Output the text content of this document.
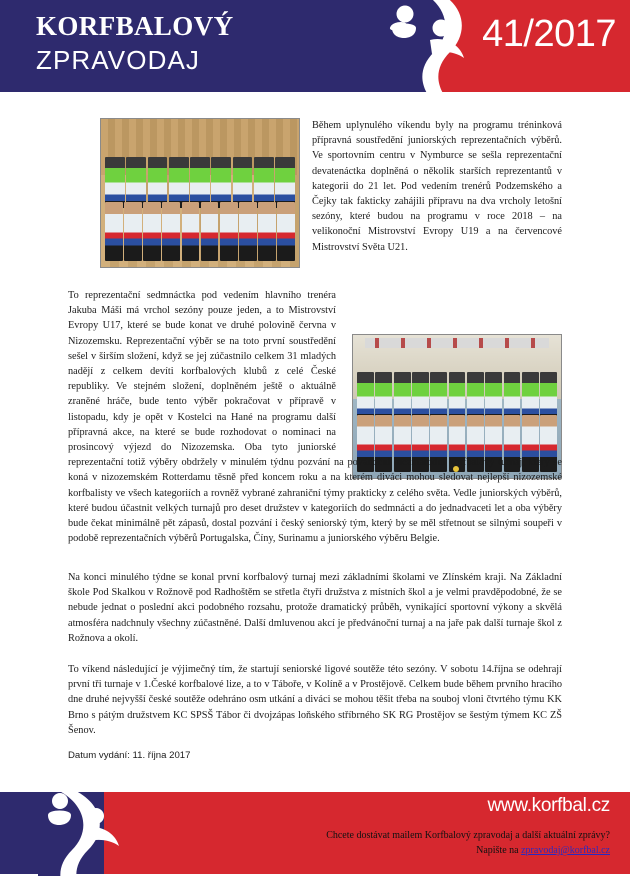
KORFBALOVÝ
ZPRAVODAJ
41/2017

Během uplynulého víkendu byly na programu tréninková přípravná soustředění juniorských reprezentačních výběrů. Ve sportovním centru v Nymburce se sešla reprezentační devatenáctka doplněná o několik starších reprezentantů v kategorii do 21 let. Pod vedením trenérů Podzemského a Čejky tak fakticky zahájili přípravu na dva vrcholy letošní sezóny, které budou na programu v roce 2018 – na velikonoční Mistrovství Evropy U19 a na červencové Mistrovství Světa U21.

To reprezentační sedmnáctka pod vedením hlavního trenéra Jakuba Máši má vrchol sezóny pouze jeden, a to Mistrovství Evropy U17, které se bude konat ve druhé polovině června v Nizozemsku. Reprezentační výběr se na toto první soustředění sešel v širším složení, když se jej zúčastnilo celkem 31 mladých nadějí z celkem devíti korfbalových klubů z celé České republiky. Ve stejném složení, doplněném ještě o aktuálně zraněné hráče, bude tento výběr pokračovat v přípravě v listopadu, kdy je opět v Kostelci na Hané na programu další přípravná akce, na které se bude rozhodovat o nominaci na prosincový výjezd do Nizozemska. Oba tyto juniorské reprezentační totiž výběry obdržely v minulém týdnu pozvání na povánoční mezinárodní korfbalový turnaj, který se koná v nizozemském Rotterdamu těsně před koncem roku a na kterém diváci mohou sledovat nejlepší nizozemské korfbalisty ve všech kategoriích a rovněž vybrané zahraniční týmy prakticky z celého světa. Vedle juniorských výběrů, které budou účastnit velkých turnajů pro deset družstev v kategoriích do sedmnácti a do jednadvaceti let a oba výběry bude čekat minimálně pět zápasů, dostal pozvání i český seniorský tým, který by se měl střetnout se silnými soupeři v podobě reprezentačních výběrů Portugalska, Číny, Surinamu a juniorského výběru Belgie.

Na konci minulého týdne se konal první korfbalový turnaj mezi základními školami ve Zlínském kraji. Na Základní škole Pod Skalkou v Rožnově pod Radhoštěm se střetla čtyři družstva z místních škol a je velmi pravděpodobné, že se nebude jednat o poslední akci podobného rozsahu, protože dramatický průběh, vynikající sportovní výkony a skvělá atmosféra nadchnuly všechny zúčastněné. Další dmluvenou akcí je předvánoční turnaj a na jaře pak další turnaje škol z Rožnova a okolí.

To víkend následující je výjimečný tím, že startují seniorské ligové soutěže této sezóny. V sobotu 14.října se odehrají první tři turnaje v 1.České korfbalové lize, a to v Táboře, v Kolíně a v Prostějově. Celkem bude během prvního hracího dne druhé nejvyšší české soutěže odehráno osm utkání a diváci se mohou těšit třeba na souboj vloni čtvrtého týmu KK Brno s pátým družstvem KC SPSŠ Tábor či dvojzápas loňského stříbrného SK RG Prostějov se šestým týmem KC ZŠ Šenov.

Datum vydání: 11. října 2017

www.korfbal.cz
Chcete dostávat mailem Korfbalový zpravodaj a další aktuální zprávy?
Napište na zpravodaj@korfbal.cz
